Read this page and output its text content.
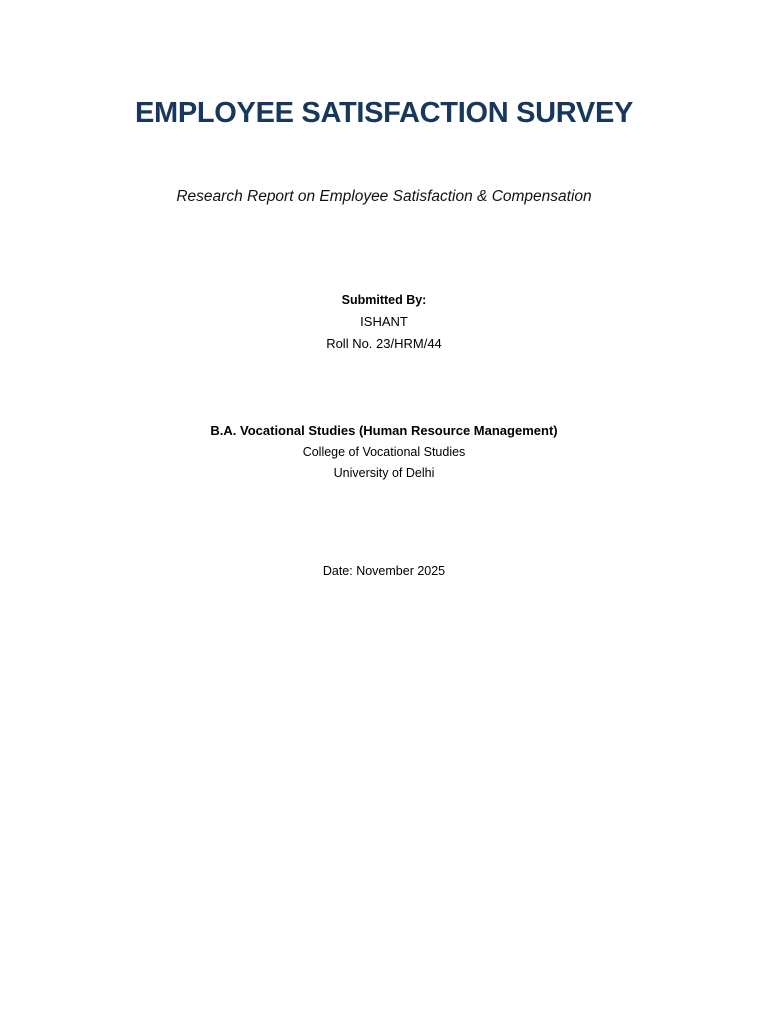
EMPLOYEE SATISFACTION SURVEY
Research Report on Employee Satisfaction & Compensation
Submitted By:
ISHANT
Roll No. 23/HRM/44
B.A. Vocational Studies (Human Resource Management)
College of Vocational Studies
University of Delhi
Date: November 2025
